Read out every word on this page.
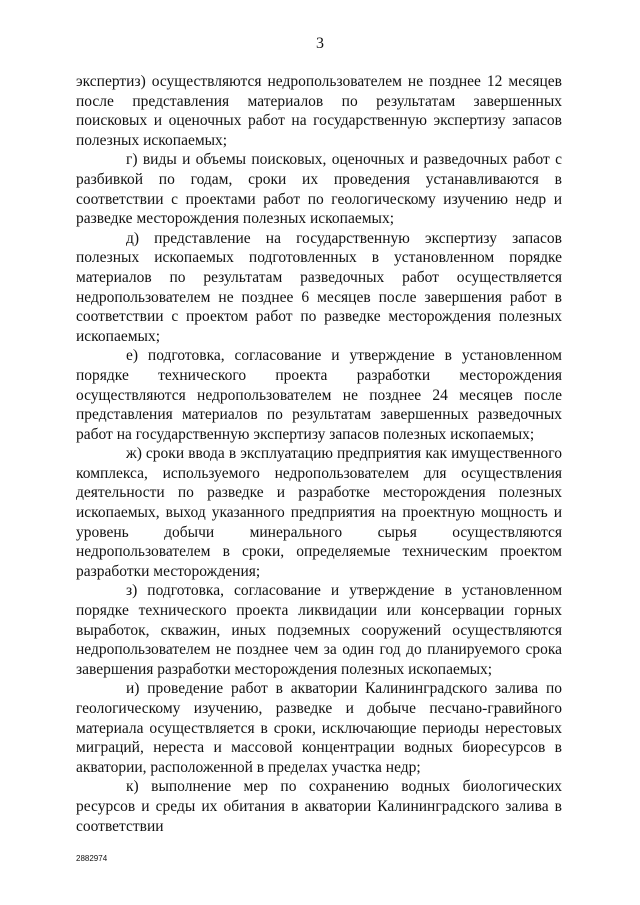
3

экспертиз) осуществляются недропользователем не позднее 12 месяцев после представления материалов по результатам завершенных поисковых и оценочных работ на государственную экспертизу запасов полезных ископаемых;

г) виды и объемы поисковых, оценочных и разведочных работ с разбивкой по годам, сроки их проведения устанавливаются в соответствии с проектами работ по геологическому изучению недр и разведке месторождения полезных ископаемых;

д) представление на государственную экспертизу запасов полезных ископаемых подготовленных в установленном порядке материалов по результатам разведочных работ осуществляется недропользователем не позднее 6 месяцев после завершения работ в соответствии с проектом работ по разведке месторождения полезных ископаемых;

е) подготовка, согласование и утверждение в установленном порядке технического проекта разработки месторождения осуществляются недропользователем не позднее 24 месяцев после представления материалов по результатам завершенных разведочных работ на государственную экспертизу запасов полезных ископаемых;

ж) сроки ввода в эксплуатацию предприятия как имущественного комплекса, используемого недропользователем для осуществления деятельности по разведке и разработке месторождения полезных ископаемых, выход указанного предприятия на проектную мощность и уровень добычи минерального сырья осуществляются недропользователем в сроки, определяемые техническим проектом разработки месторождения;

з) подготовка, согласование и утверждение в установленном порядке технического проекта ликвидации или консервации горных выработок, скважин, иных подземных сооружений осуществляются недропользователем не позднее чем за один год до планируемого срока завершения разработки месторождения полезных ископаемых;

и) проведение работ в акватории Калининградского залива по геологическому изучению, разведке и добыче песчано-гравийного материала осуществляется в сроки, исключающие периоды нерестовых миграций, нереста и массовой концентрации водных биоресурсов в акватории, расположенной в пределах участка недр;

к) выполнение мер по сохранению водных биологических ресурсов и среды их обитания в акватории Калининградского залива в соответствии

2882974
